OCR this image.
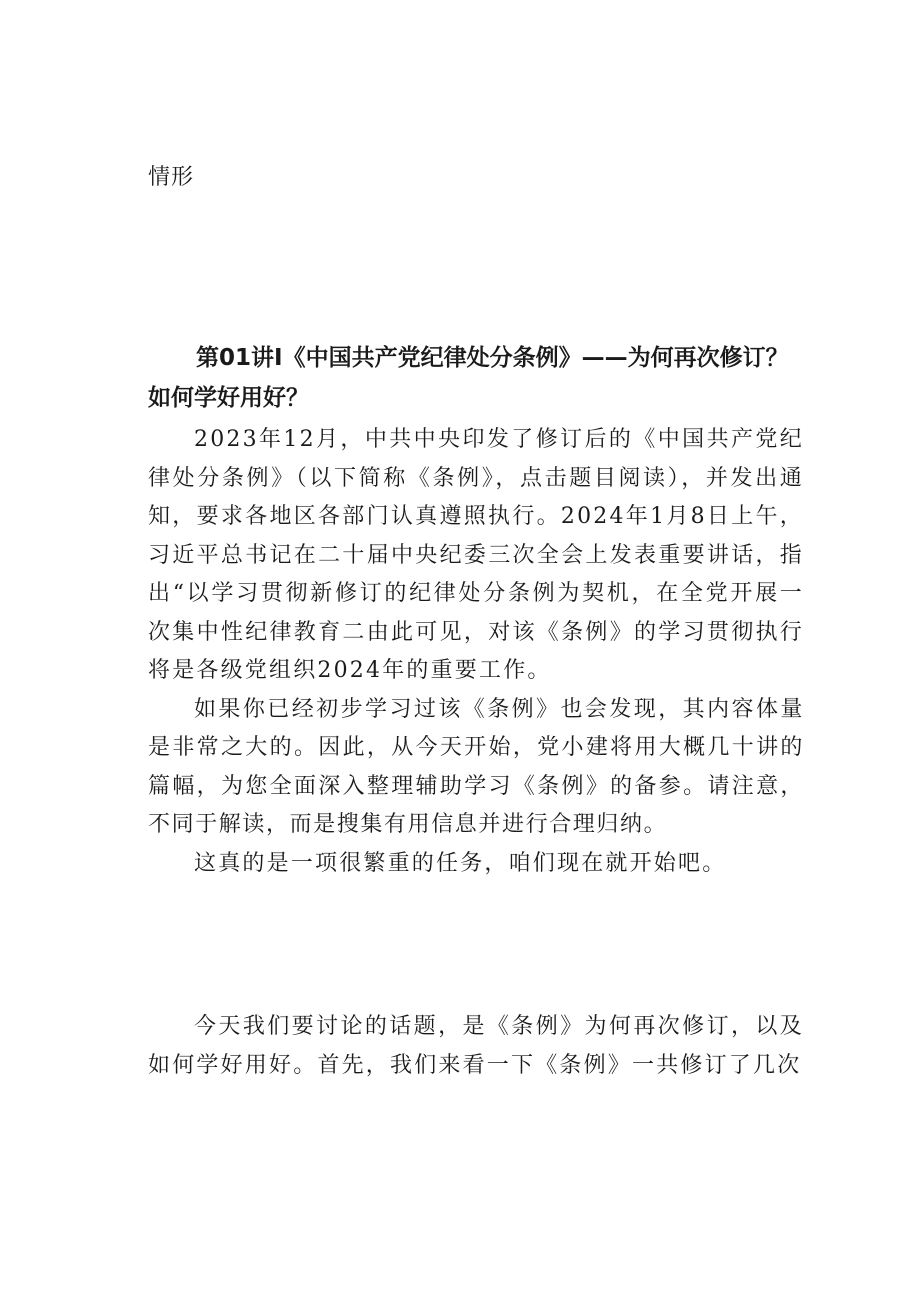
情形
第01讲I《中国共产党纪律处分条例》——为何再次修订？如何学好用好？

2023年12月，中共中央印发了修订后的《中国共产党纪律处分条例》（以下简称《条例》，点击题目阅读），并发出通知，要求各地区各部门认真遵照执行。2024年1月8日上午，习近平总书记在二十届中央纪委三次全会上发表重要讲话，指出“以学习贯彻新修订的纪律处分条例为契机，在全党开展一次集中性纪律教育二由此可见，对该《条例》的学习贯彻执行将是各级党组织2024年的重要工作。

如果你已经初步学习过该《条例》也会发现，其内容体量是非常之大的。因此，从今天开始，党小建将用大概几十讲的篇幅，为您全面深入整理辅助学习《条例》的备参。请注意，不同于解读，而是搜集有用信息并进行合理归纳。

这真的是一项很繁重的任务，咱们现在就开始吧。

今天我们要讨论的话题，是《条例》为何再次修订，以及如何学好用好。首先，我们来看一下《条例》一共修订了几次
